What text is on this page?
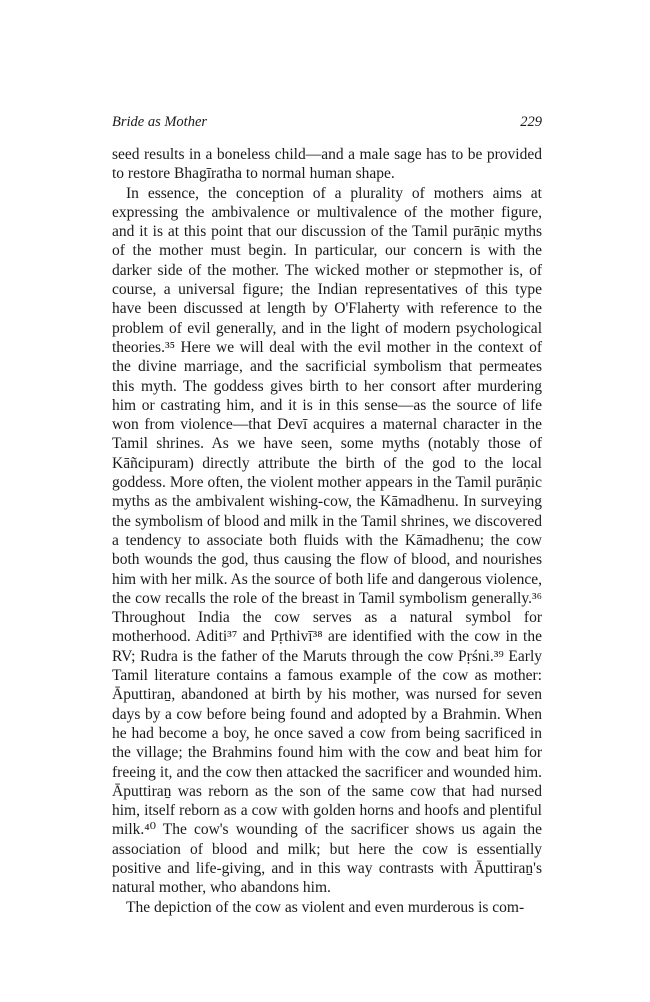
Bride as Mother	229

seed results in a boneless child—and a male sage has to be provided to restore Bhagīratha to normal human shape.

In essence, the conception of a plurality of mothers aims at expressing the ambivalence or multivalence of the mother figure, and it is at this point that our discussion of the Tamil purāṇic myths of the mother must begin. In particular, our concern is with the darker side of the mother. The wicked mother or stepmother is, of course, a universal figure; the Indian representatives of this type have been discussed at length by O'Flaherty with reference to the problem of evil generally, and in the light of modern psychological theories.³⁵ Here we will deal with the evil mother in the context of the divine marriage, and the sacrificial symbolism that permeates this myth. The goddess gives birth to her consort after murdering him or castrating him, and it is in this sense—as the source of life won from violence—that Devī acquires a maternal character in the Tamil shrines. As we have seen, some myths (notably those of Kāñcipuram) directly attribute the birth of the god to the local goddess. More often, the violent mother appears in the Tamil purāṇic myths as the ambivalent wishing-cow, the Kāmadhenu. In surveying the symbolism of blood and milk in the Tamil shrines, we discovered a tendency to associate both fluids with the Kāmadhenu; the cow both wounds the god, thus causing the flow of blood, and nourishes him with her milk. As the source of both life and dangerous violence, the cow recalls the role of the breast in Tamil symbolism generally.³⁶ Throughout India the cow serves as a natural symbol for motherhood. Aditi³⁷ and Pṛthivī³⁸ are identified with the cow in the RV; Rudra is the father of the Maruts through the cow Pṛśni.³⁹ Early Tamil literature contains a famous example of the cow as mother: Āputtiraṉ, abandoned at birth by his mother, was nursed for seven days by a cow before being found and adopted by a Brahmin. When he had become a boy, he once saved a cow from being sacrificed in the village; the Brahmins found him with the cow and beat him for freeing it, and the cow then attacked the sacrificer and wounded him. Āputtiraṉ was reborn as the son of the same cow that had nursed him, itself reborn as a cow with golden horns and hoofs and plentiful milk.⁴⁰ The cow's wounding of the sacrificer shows us again the association of blood and milk; but here the cow is essentially positive and life-giving, and in this way contrasts with Āputtiraṉ's natural mother, who abandons him.

The depiction of the cow as violent and even murderous is com-
